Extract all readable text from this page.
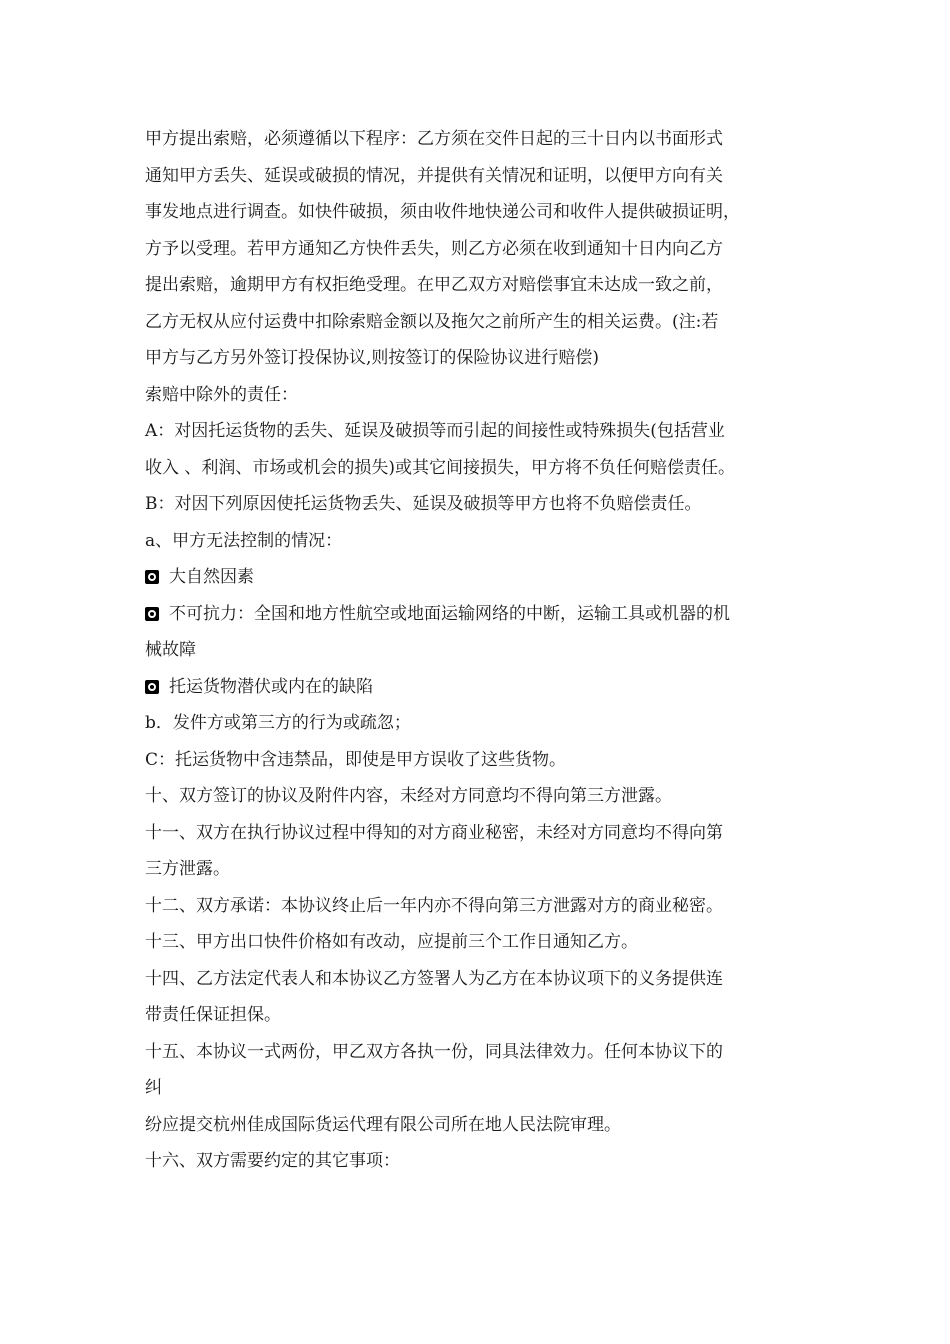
甲方提出索赔，必须遵循以下程序：乙方须在交件日起的三十日内以书面形式
通知甲方丢失、延误或破损的情况，并提供有关情况和证明，以便甲方向有关
事发地点进行调查。如快件破损，须由收件地快递公司和收件人提供破损证明，
方予以受理。若甲方通知乙方快件丢失，则乙方必须在收到通知十日内向乙方
提出索赔，逾期甲方有权拒绝受理。在甲乙双方对赔偿事宜未达成一致之前，
乙方无权从应付运费中扣除索赔金额以及拖欠之前所产生的相关运费。(注:若
甲方与乙方另外签订投保协议,则按签订的保险协议进行赔偿)
索赔中除外的责任：
A：对因托运货物的丢失、延误及破损等而引起的间接性或特殊损失(包括营业
收入 、利润、市场或机会的损失)或其它间接损失，甲方将不负任何赔偿责任。
B：对因下列原因使托运货物丢失、延误及破损等甲方也将不负赔偿责任。
a、甲方无法控制的情况：
大自然因素
不可抗力：全国和地方性航空或地面运输网络的中断，运输工具或机器的机
械故障
托运货物潜伏或内在的缺陷
b．发件方或第三方的行为或疏忽；
C：托运货物中含违禁品，即使是甲方误收了这些货物。
十、双方签订的协议及附件内容，未经对方同意均不得向第三方泄露。
十一、双方在执行协议过程中得知的对方商业秘密，未经对方同意均不得向第
三方泄露。
十二、双方承诺：本协议终止后一年内亦不得向第三方泄露对方的商业秘密。
十三、甲方出口快件价格如有改动，应提前三个工作日通知乙方。
十四、乙方法定代表人和本协议乙方签署人为乙方在本协议项下的义务提供连
带责任保证担保。
十五、本协议一式两份，甲乙双方各执一份，同具法律效力。任何本协议下的
纠
纷应提交杭州佳成国际货运代理有限公司所在地人民法院审理。
十六、双方需要约定的其它事项：
